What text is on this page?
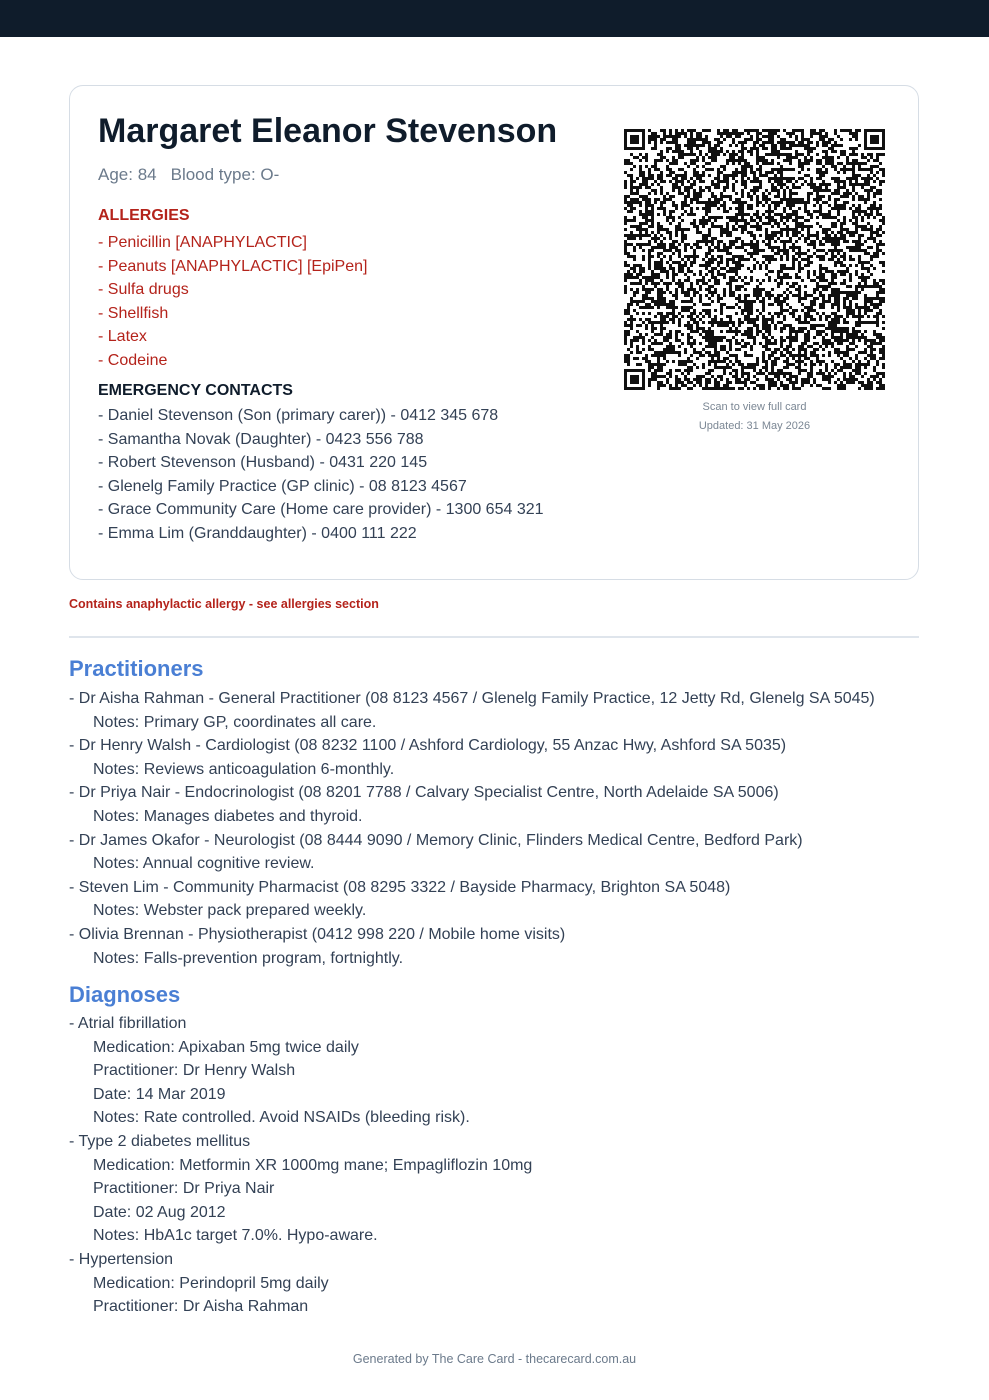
Margaret Eleanor Stevenson
Age: 84 Blood type: O-
ALLERGIES
- Penicillin [ANAPHYLACTIC]
- Peanuts [ANAPHYLACTIC] [EpiPen]
- Sulfa drugs
- Shellfish
- Latex
- Codeine
EMERGENCY CONTACTS
- Daniel Stevenson (Son (primary carer)) - 0412 345 678
- Samantha Novak (Daughter) - 0423 556 788
- Robert Stevenson (Husband) - 0431 220 145
- Glenelg Family Practice (GP clinic) - 08 8123 4567
- Grace Community Care (Home care provider) - 1300 654 321
- Emma Lim (Granddaughter) - 0400 111 222
Scan to view full card
Updated: 31 May 2026
Contains anaphylactic allergy - see allergies section
Practitioners
- Dr Aisha Rahman - General Practitioner (08 8123 4567 / Glenelg Family Practice, 12 Jetty Rd, Glenelg SA 5045)
Notes: Primary GP, coordinates all care.
- Dr Henry Walsh - Cardiologist (08 8232 1100 / Ashford Cardiology, 55 Anzac Hwy, Ashford SA 5035)
Notes: Reviews anticoagulation 6-monthly.
- Dr Priya Nair - Endocrinologist (08 8201 7788 / Calvary Specialist Centre, North Adelaide SA 5006)
Notes: Manages diabetes and thyroid.
- Dr James Okafor - Neurologist (08 8444 9090 / Memory Clinic, Flinders Medical Centre, Bedford Park)
Notes: Annual cognitive review.
- Steven Lim - Community Pharmacist (08 8295 3322 / Bayside Pharmacy, Brighton SA 5048)
Notes: Webster pack prepared weekly.
- Olivia Brennan - Physiotherapist (0412 998 220 / Mobile home visits)
Notes: Falls-prevention program, fortnightly.
Diagnoses
- Atrial fibrillation
Medication: Apixaban 5mg twice daily
Practitioner: Dr Henry Walsh
Date: 14 Mar 2019
Notes: Rate controlled. Avoid NSAIDs (bleeding risk).
- Type 2 diabetes mellitus
Medication: Metformin XR 1000mg mane; Empagliflozin 10mg
Practitioner: Dr Priya Nair
Date: 02 Aug 2012
Notes: HbA1c target 7.0%. Hypo-aware.
- Hypertension
Medication: Perindopril 5mg daily
Practitioner: Dr Aisha Rahman
Generated by The Care Card - thecarecard.com.au
